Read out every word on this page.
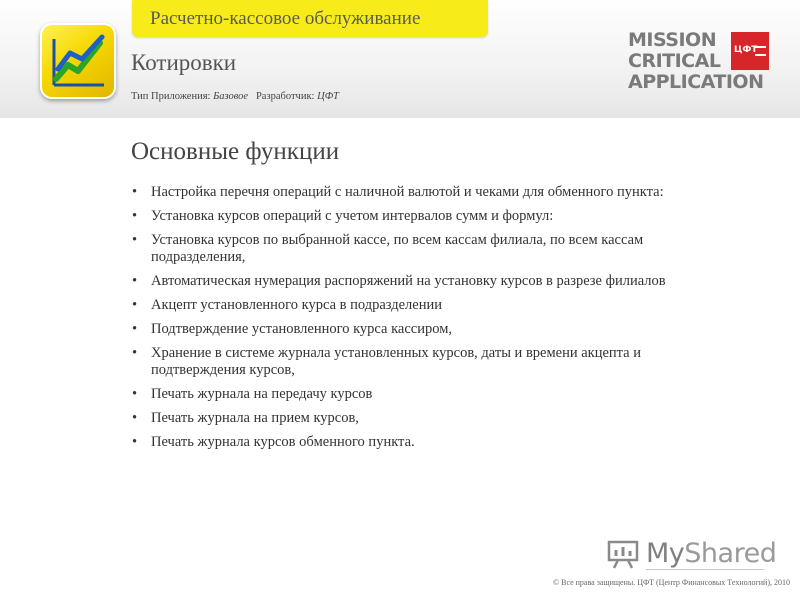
Расчетно-кассовое обслуживание
Котировки
Тип Приложения: Базовое Разработчик: ЦФТ
MISSION
CRITICAL
APPLICATION
ЦФТ
Основные функции
• Настройка перечня операций с наличной валютой и чеками для обменного пункта:
• Установка курсов операций с учетом интервалов сумм и формул:
• Установка курсов по выбранной кассе, по всем кассам филиала, по всем кассам подразделения,
• Автоматическая нумерация распоряжений на установку курсов в разрезе филиалов
• Акцепт установленного курса в подразделении
• Подтверждение установленного курса кассиром,
• Хранение в системе журнала установленных курсов, даты и времени акцепта и подтверждения курсов,
• Печать журнала на передачу курсов
• Печать журнала на прием курсов,
• Печать журнала курсов обменного пункта.
MyShared
© Все права защищены. ЦФТ (Центр Финансовых Технологий), 2010
